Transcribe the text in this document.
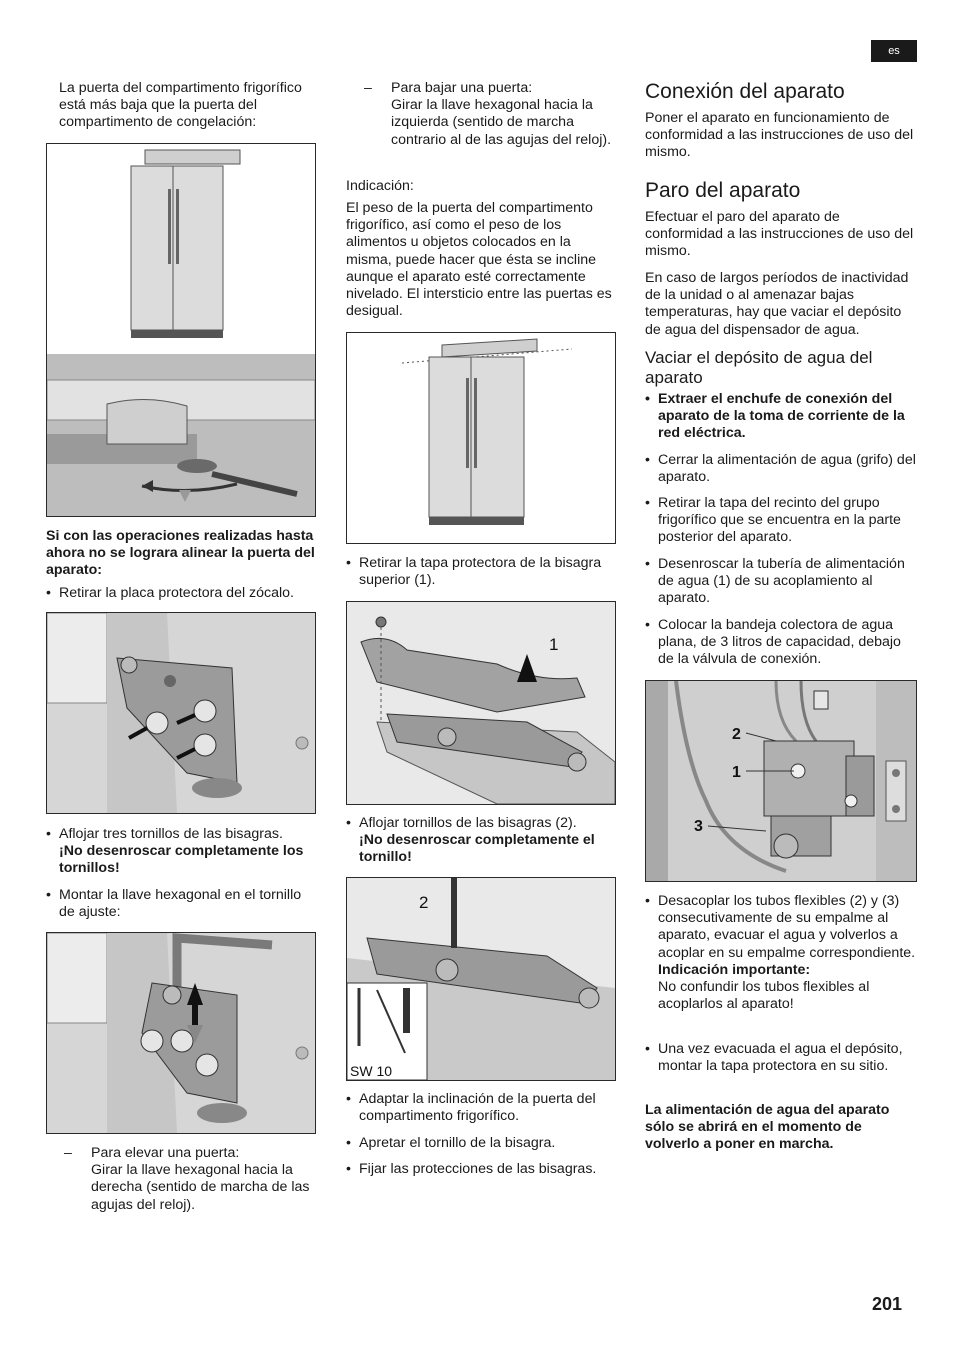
es

La puerta del compartimento frigorífico está más baja que la puerta del compartimento de congelación:

Si con las operaciones realizadas hasta ahora no se lograra alinear la puerta del aparato:

• Retirar la placa protectora del zócalo.
• Aflojar tres tornillos de las bisagras.
¡No desenroscar completamente los tornillos!
• Montar la llave hexagonal en el tornillo de ajuste:
– Para elevar una puerta:
Girar la llave hexagonal hacia la derecha (sentido de marcha de las agujas del reloj).
– Para bajar una puerta:
Girar la llave hexagonal hacia la izquierda (sentido de marcha contrario al de las agujas del reloj).

Indicación:

El peso de la puerta del compartimento frigorífico, así como el peso de los alimentos u objetos colocados en la misma, puede hacer que ésta se incline aunque el aparato esté correctamente nivelado. El intersticio entre las puertas es desigual.

• Retirar la tapa protectora de la bisagra superior (1).
1
• Aflojar tornillos de las bisagras (2).
¡No desenroscar completamente el tornillo!
2
SW 10
• Adaptar la inclinación de la puerta del compartimento frigorífico.
• Apretar el tornillo de la bisagra.
• Fijar las protecciones de las bisagras.
Conexión del aparato

Poner el aparato en funcionamiento de conformidad a las instrucciones de uso del mismo.

Paro del aparato

Efectuar el paro del aparato de conformidad a las instrucciones de uso del mismo.

En caso de largos períodos de inactividad de la unidad o al amenazar bajas temperaturas, hay que vaciar el depósito de agua del dispensador de agua.

Vaciar el depósito de agua del aparato
• Extraer el enchufe de conexión del aparato de la toma de corriente de la red eléctrica.
• Cerrar la alimentación de agua (grifo) del aparato.
• Retirar la tapa del recinto del grupo frigorífico que se encuentra en la parte posterior del aparato.
• Desenroscar la tubería de alimentación de agua (1) de su acoplamiento al aparato.
• Colocar la bandeja colectora de agua plana, de 3 litros de capacidad, debajo de la válvula de conexión.
2
1
3
• Desacoplar los tubos flexibles (2) y (3) consecutivamente de su empalme al aparato, evacuar el agua y volverlos a acoplar en su empalme correspondiente.
Indicación importante:
No confundir los tubos flexibles al acoplarlos al aparato!
• Una vez evacuada el agua el depósito, montar la tapa protectora en su sitio.

La alimentación de agua del aparato sólo se abrirá en el momento de volverlo a poner en marcha.

201
